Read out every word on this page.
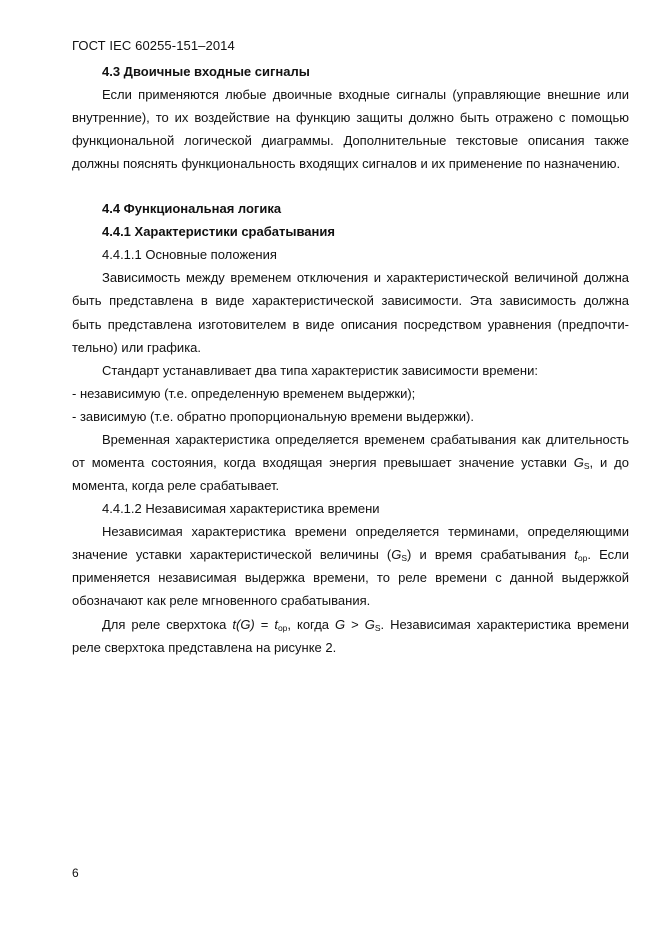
ГОСТ IEC 60255-151–2014

4.3 Двоичные входные сигналы

Если применяются любые двоичные входные сигналы (управляющие внешние или внутренние), то их воздействие на функцию защиты должно быть отражено с помощью функциональной логической диаграммы. Дополнительные текстовые описания также должны пояснять функциональность входящих сигналов и их применение по назначению.

4.4 Функциональная логика

4.4.1 Характеристики срабатывания

4.4.1.1 Основные положения

Зависимость между временем отключения и характеристической величиной должна быть представлена в виде характеристической зависимости. Эта зависимость должна быть представлена изготовителем в виде описания посредством уравнения (предпочтительно) или графика.

Стандарт устанавливает два типа характеристик зависимости времени:

- независимую (т.е. определенную временем выдержки);

- зависимую (т.е. обратно пропорциональную времени выдержки).

Временная характеристика определяется временем срабатывания как длительность от момента состояния, когда входящая энергия превышает значение уставки $G_S$, и до момента, когда реле срабатывает.

4.4.1.2 Независимая характеристика времени

Независимая характеристика времени определяется терминами, определяющими значение уставки характеристической величины $(G_S)$ и время срабатывания $t_{op}$. Если применяется независимая выдержка времени, то реле времени с данной выдержкой обозначают как реле мгновенного срабатывания.

Для реле сверхтока $t(G) = t_{op}$, когда $G > G_S$. Независимая характеристика времени реле сверхтока представлена на рисунке 2.

6
